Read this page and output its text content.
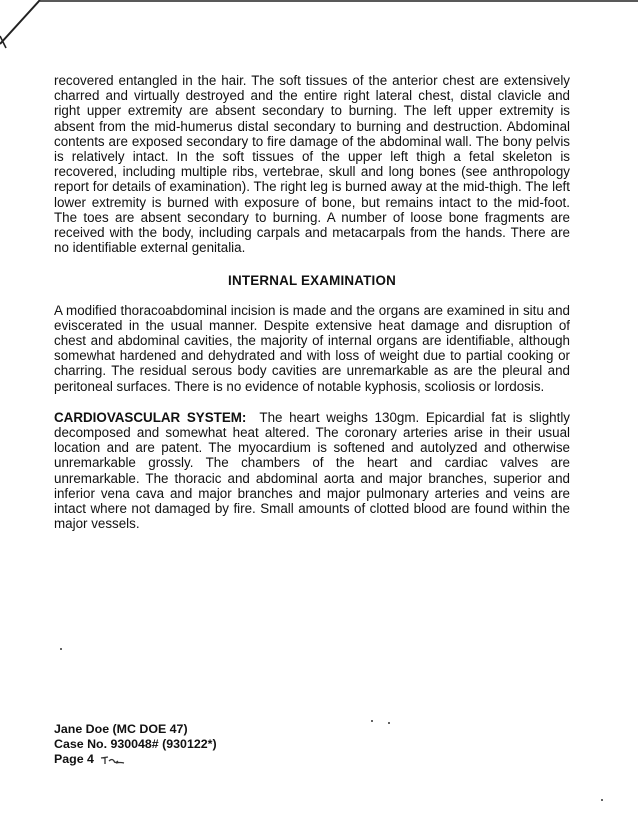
recovered entangled in the hair. The soft tissues of the anterior chest are extensively charred and virtually destroyed and the entire right lateral chest, distal clavicle and right upper extremity are absent secondary to burning. The left upper extremity is absent from the mid-humerus distal secondary to burning and destruction. Abdominal contents are exposed secondary to fire damage of the abdominal wall. The bony pelvis is relatively intact. In the soft tissues of the upper left thigh a fetal skeleton is recovered, including multiple ribs, vertebrae, skull and long bones (see anthropology report for details of examination). The right leg is burned away at the mid-thigh. The left lower extremity is burned with exposure of bone, but remains intact to the mid-foot. The toes are absent secondary to burning. A number of loose bone fragments are received with the body, including carpals and metacarpals from the hands. There are no identifiable external genitalia.

INTERNAL EXAMINATION

A modified thoracoabdominal incision is made and the organs are examined in situ and eviscerated in the usual manner. Despite extensive heat damage and disruption of chest and abdominal cavities, the majority of internal organs are identifiable, although somewhat hardened and dehydrated and with loss of weight due to partial cooking or charring. The residual serous body cavities are unremarkable as are the pleural and peritoneal surfaces. There is no evidence of notable kyphosis, scoliosis or lordosis.

CARDIOVASCULAR SYSTEM: The heart weighs 130gm. Epicardial fat is slightly decomposed and somewhat heat altered. The coronary arteries arise in their usual location and are patent. The myocardium is softened and autolyzed and otherwise unremarkable grossly. The chambers of the heart and cardiac valves are unremarkable. The thoracic and abdominal aorta and major branches, superior and inferior vena cava and major branches and major pulmonary arteries and veins are intact where not damaged by fire. Small amounts of clotted blood are found within the major vessels.

Jane Doe (MC DOE 47)
Case No. 930048# (930122*)
Page 4
